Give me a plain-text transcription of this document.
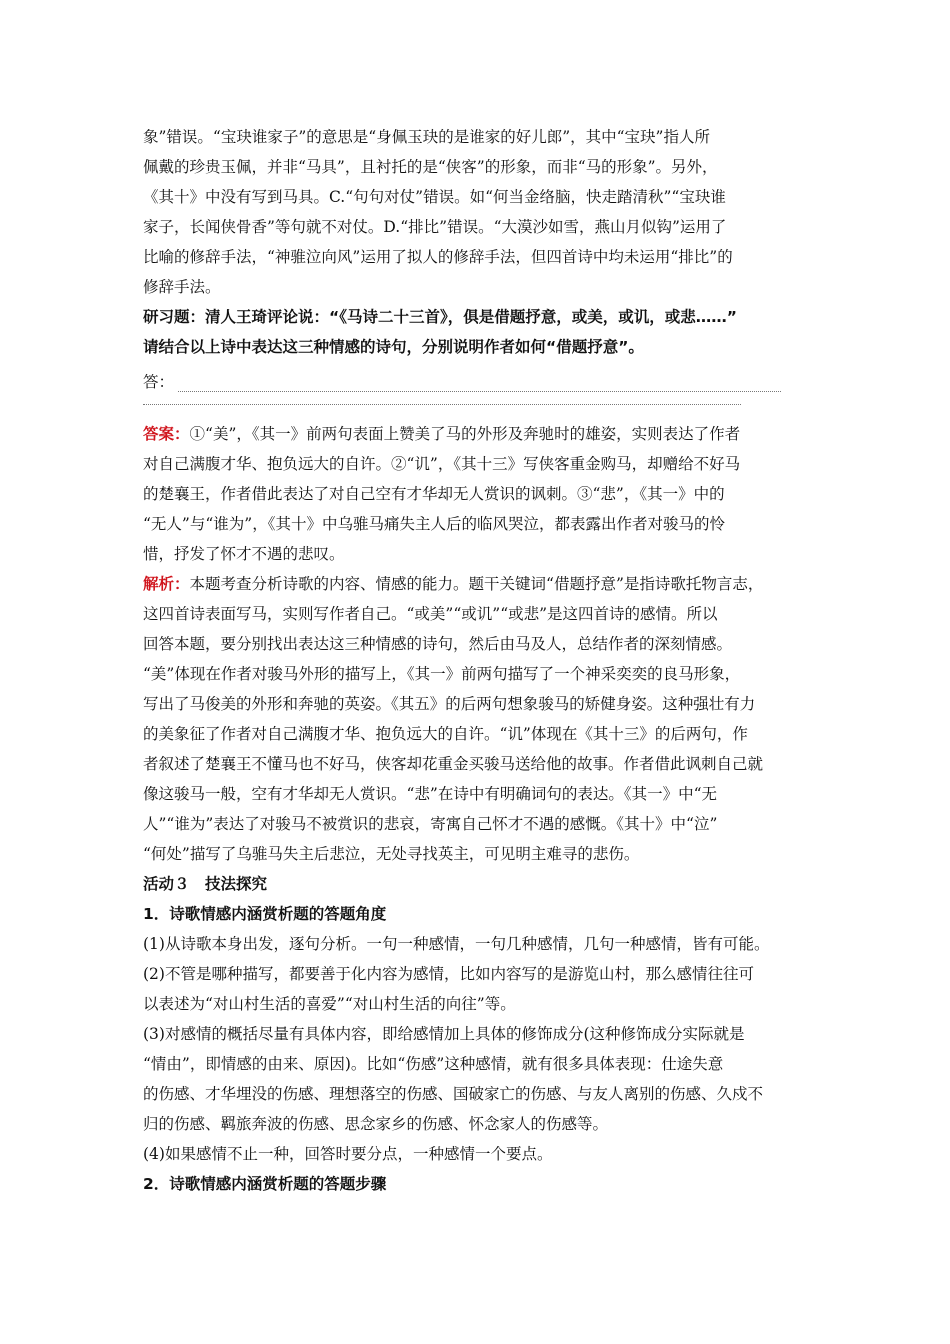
象”错误。“宝玦谁家子”的意思是“身佩玉玦的是谁家的好儿郎”，其中“宝玦”指人所

佩戴的珍贵玉佩，并非“马具”，且衬托的是“侠客”的形象，而非“马的形象”。另外，

《其十》中没有写到马具。C.“句句对仗”错误。如“何当金络脑，快走踏清秋”“宝玦谁

家子，长闻侠骨香”等句就不对仗。D.“排比”错误。“大漠沙如雪，燕山月似钩”运用了

比喻的修辞手法，“神骓泣向风”运用了拟人的修辞手法，但四首诗中均未运用“排比”的

修辞手法。

研习题：清人王琦评论说：“《马诗二十三首》，俱是借题抒意，或美，或讥，或悲……”

请结合以上诗中表达这三种情感的诗句，分别说明作者如何“借题抒意”。

答：

答案：①“美”，《其一》前两句表面上赞美了马的外形及奔驰时的雄姿，实则表达了作者

对自己满腹才华、抱负远大的自许。②“讥”，《其十三》写侠客重金购马，却赠给不好马

的楚襄王，作者借此表达了对自己空有才华却无人赏识的讽刺。③“悲”，《其一》中的

“无人”与“谁为”，《其十》中乌骓马痛失主人后的临风哭泣，都表露出作者对骏马的怜

惜，抒发了怀才不遇的悲叹。

解析：本题考查分析诗歌的内容、情感的能力。题干关键词“借题抒意”是指诗歌托物言志，

这四首诗表面写马，实则写作者自己。“或美”“或讥”“或悲”是这四首诗的感情。所以

回答本题，要分别找出表达这三种情感的诗句，然后由马及人，总结作者的深刻情感。

“美”体现在作者对骏马外形的描写上，《其一》前两句描写了一个神采奕奕的良马形象，

写出了马俊美的外形和奔驰的英姿。《其五》的后两句想象骏马的矫健身姿。这种强壮有力

的美象征了作者对自己满腹才华、抱负远大的自许。“讥”体现在《其十三》的后两句，作

者叙述了楚襄王不懂马也不好马，侠客却花重金买骏马送给他的故事。作者借此讽刺自己就

像这骏马一般，空有才华却无人赏识。“悲”在诗中有明确词句的表达。《其一》中“无

人”“谁为”表达了对骏马不被赏识的悲哀，寄寓自己怀才不遇的感慨。《其十》中“泣”

“何处”描写了乌骓马失主后悲泣，无处寻找英主，可见明主难寻的悲伤。

活动３　技法探究

1．诗歌情感内涵赏析题的答题角度

(1)从诗歌本身出发，逐句分析。一句一种感情，一句几种感情，几句一种感情，皆有可能。

(2)不管是哪种描写，都要善于化内容为感情，比如内容写的是游览山村，那么感情往往可

以表述为“对山村生活的喜爱”“对山村生活的向往”等。

(3)对感情的概括尽量有具体内容，即给感情加上具体的修饰成分(这种修饰成分实际就是

“情由”，即情感的由来、原因)。比如“伤感”这种感情，就有很多具体表现：仕途失意

的伤感、才华埋没的伤感、理想落空的伤感、国破家亡的伤感、与友人离别的伤感、久戍不

归的伤感、羁旅奔波的伤感、思念家乡的伤感、怀念家人的伤感等。

(4)如果感情不止一种，回答时要分点，一种感情一个要点。

2．诗歌情感内涵赏析题的答题步骤
